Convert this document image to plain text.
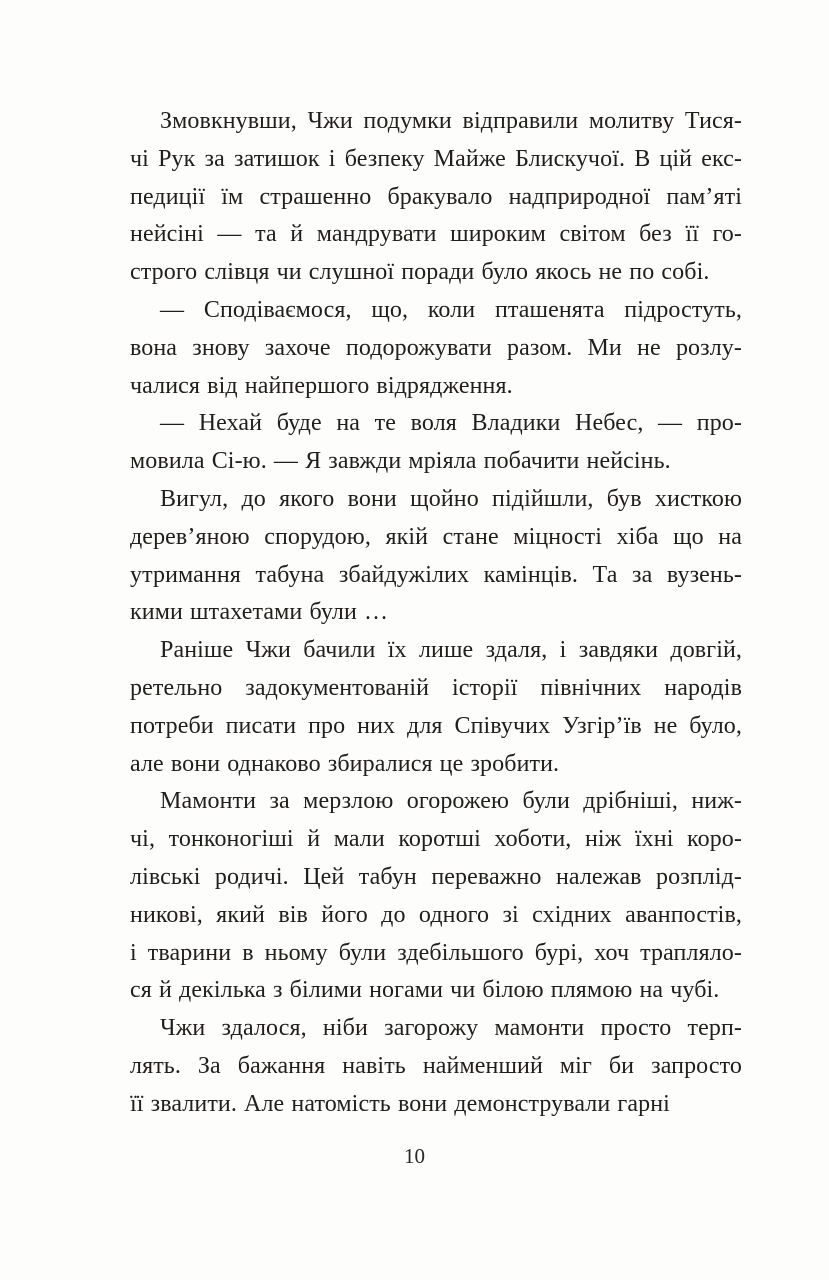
Змовкнувши, Чжи подумки відправили молитву Тися-
чі Рук за затишок і безпеку Майже Блискучої. В цій екс-
педиції їм страшенно бракувало надприродної пам’яті
нейсіні — та й мандрувати широким світом без її го-
строго слівця чи слушної поради було якось не по собі.
— Сподіваємося, що, коли пташенята підростуть,
вона знову захоче подорожувати разом. Ми не розлу-
чалися від найпершого відрядження.
— Нехай буде на те воля Владики Небес, — про-
мовила Сі-ю. — Я завжди мріяла побачити нейсінь.
Вигул, до якого вони щойно підійшли, був хисткою
дерев’яною спорудою, якій стане міцності хіба що на
утримання табуна збайдужілих камінців. Та за вузень-
кими штахетами були …
Раніше Чжи бачили їх лише здаля, і завдяки довгій,
ретельно задокументованій історії північних народів
потреби писати про них для Співучих Узгір’їв не було,
але вони однаково збиралися це зробити.
Мамонти за мерзлою огорожею були дрібніші, ниж-
чі, тонконогіші й мали коротші хоботи, ніж їхні коро-
лівські родичі. Цей табун переважно належав розплід-
никові, який вів його до одного зі східних аванпостів,
і тварини в ньому були здебільшого бурі, хоч трапляло-
ся й декілька з білими ногами чи білою плямою на чубі.
Чжи здалося, ніби загорожу мамонти просто терп-
лять. За бажання навіть найменший міг би запросто
її звалити. Але натомість вони демонстрували гарні
10
